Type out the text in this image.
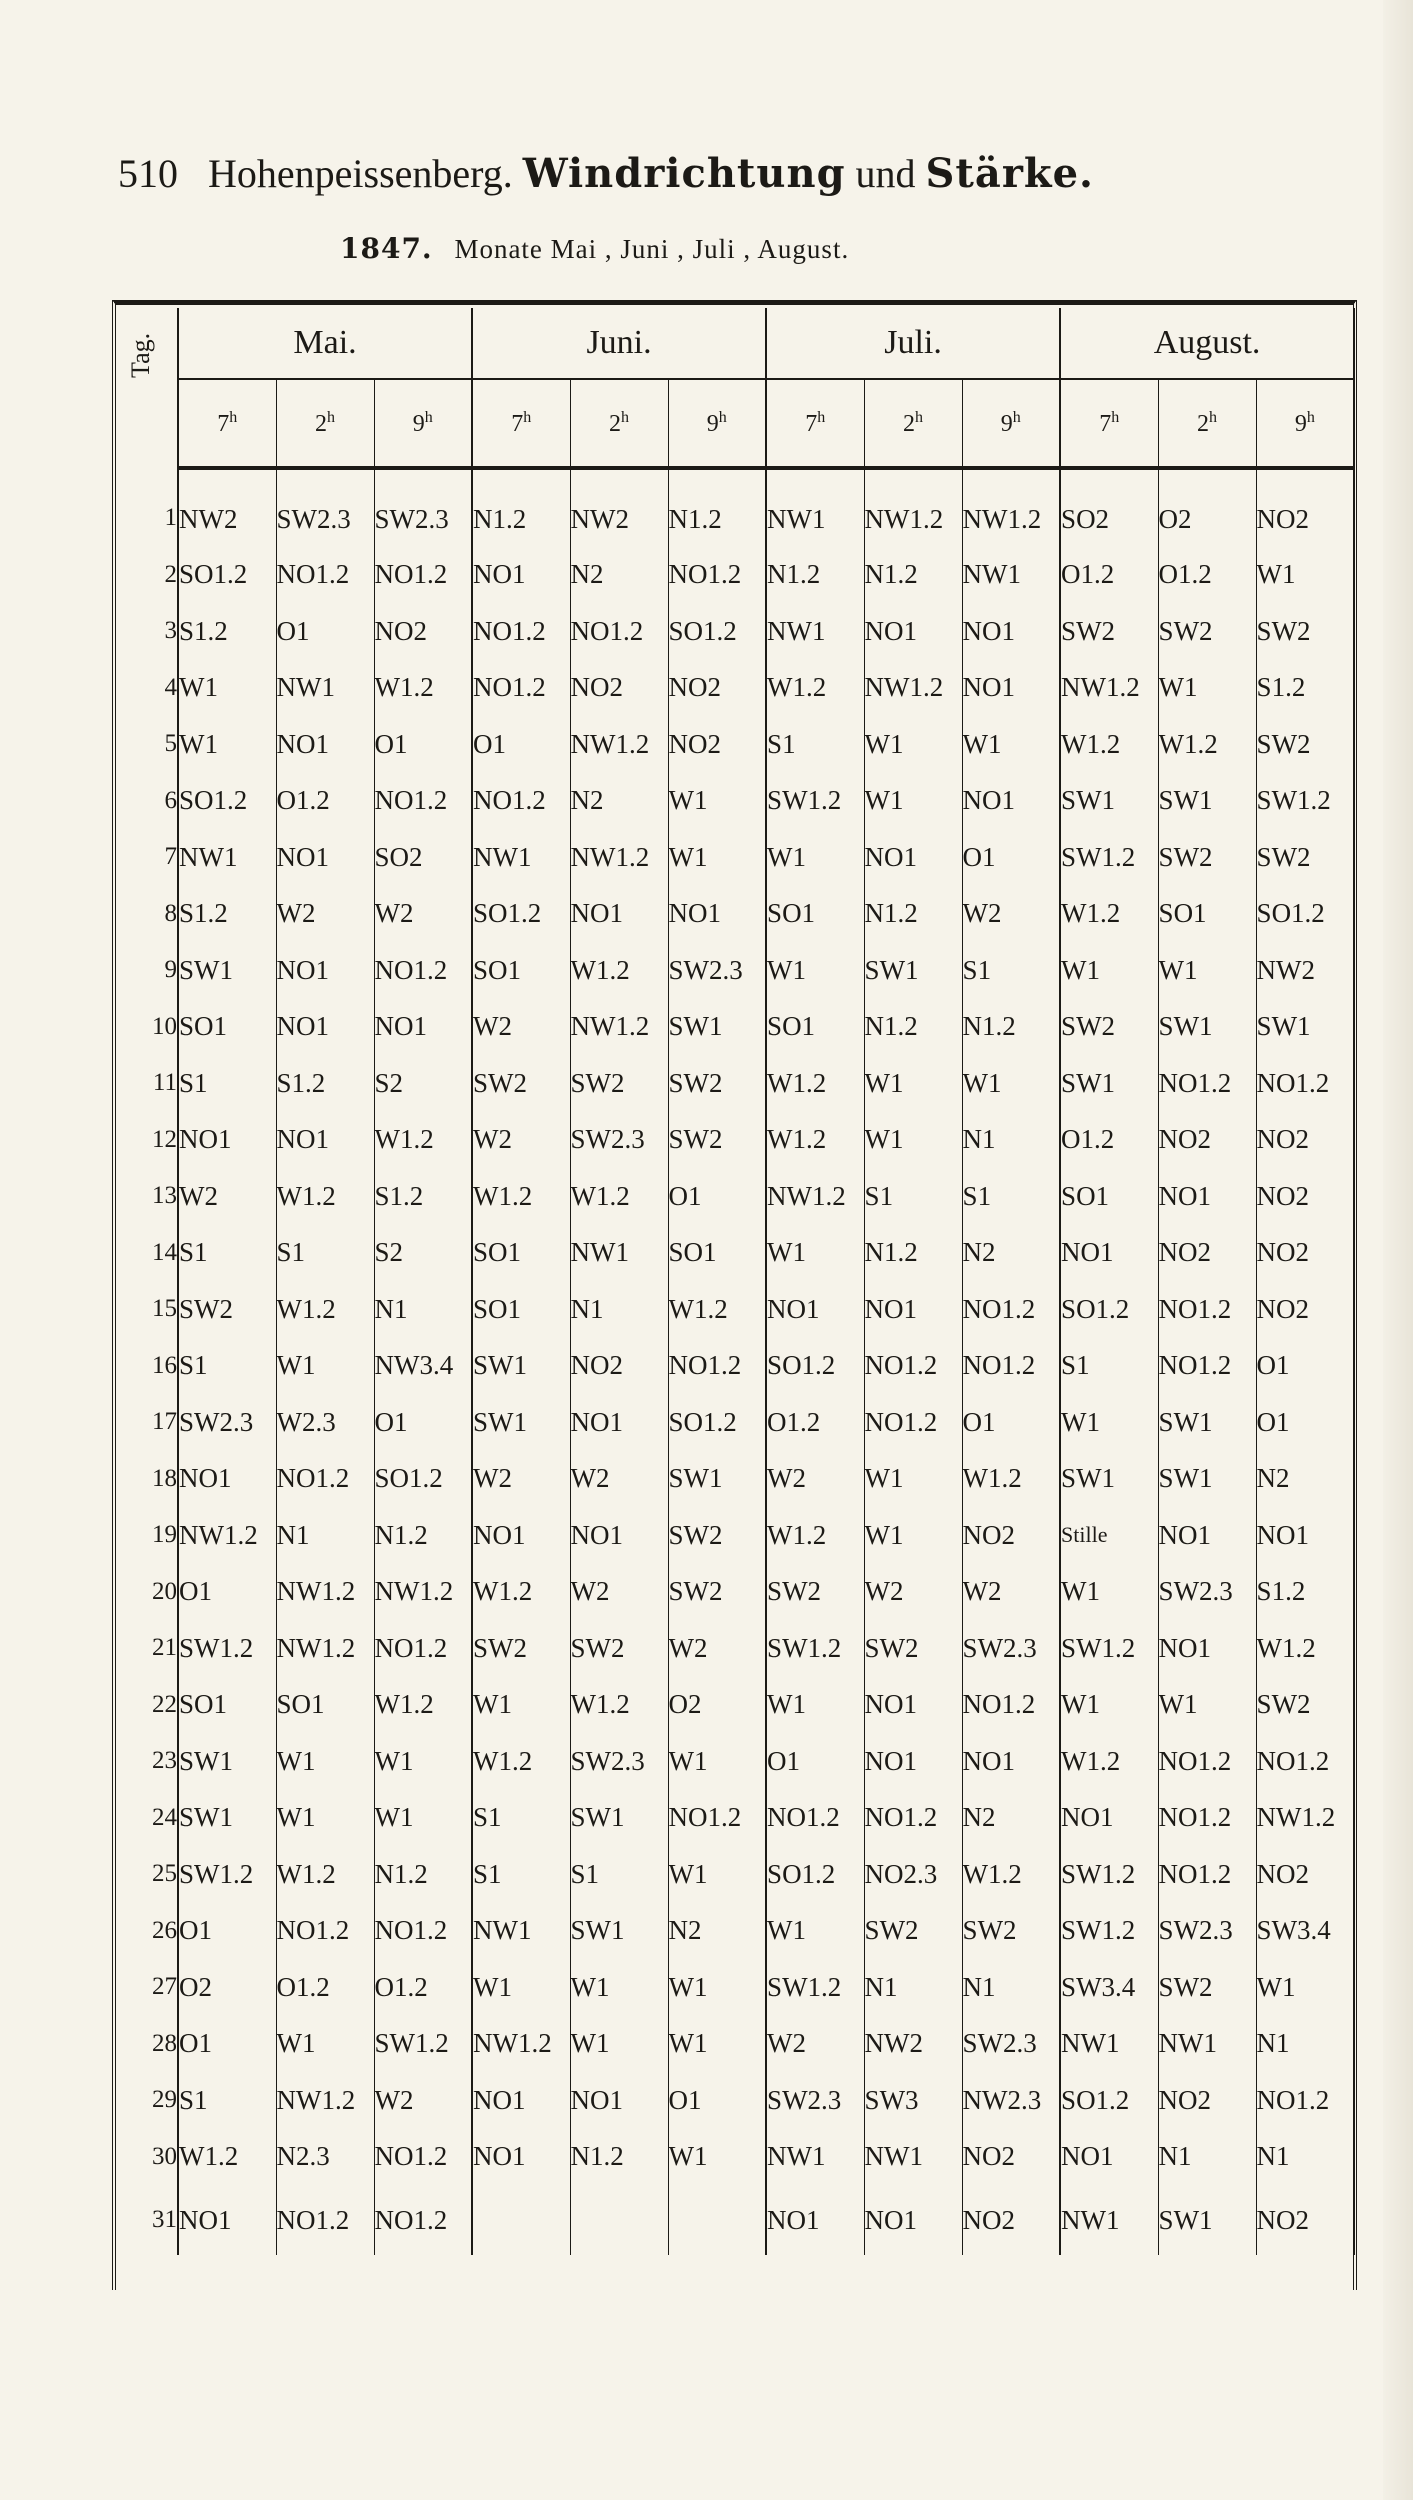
510 Hohenpeissenberg. Windrichtung und Stärke.
1847. Monate Mai , Juni , Juli , August.
Tag.	Mai.			Juni.			Juli.			August.		
	7$^h$	2$^h$	9$^h$	7$^h$	2$^h$	9$^h$	7$^h$	2$^h$	9$^h$	7$^h$	2$^h$	9$^h$
1	NW2	SW2.3	SW2.3	N1.2	NW2	N1.2	NW1	NW1.2	NW1.2	SO2	O2	NO2
2	SO1.2	NO1.2	NO1.2	NO1	N2	NO1.2	N1.2	N1.2	NW1	O1.2	O1.2	W1
3	S1.2	O1	NO2	NO1.2	NO1.2	SO1.2	NW1	NO1	NO1	SW2	SW2	SW2
4	W1	NW1	W1.2	NO1.2	NO2	NO2	W1.2	NW1.2	NO1	NW1.2	W1	S1.2
5	W1	NO1	O1	O1	NW1.2	NO2	S1	W1	W1	W1.2	W1.2	SW2
6	SO1.2	O1.2	NO1.2	NO1.2	N2	W1	SW1.2	W1	NO1	SW1	SW1	SW1.2
7	NW1	NO1	SO2	NW1	NW1.2	W1	W1	NO1	O1	SW1.2	SW2	SW2
8	S1.2	W2	W2	SO1.2	NO1	NO1	SO1	N1.2	W2	W1.2	SO1	SO1.2
9	SW1	NO1	NO1.2	SO1	W1.2	SW2.3	W1	SW1	S1	W1	W1	NW2
10	SO1	NO1	NO1	W2	NW1.2	SW1	SO1	N1.2	N1.2	SW2	SW1	SW1
11	S1	S1.2	S2	SW2	SW2	SW2	W1.2	W1	W1	SW1	NO1.2	NO1.2
12	NO1	NO1	W1.2	W2	SW2.3	SW2	W1.2	W1	N1	O1.2	NO2	NO2
13	W2	W1.2	S1.2	W1.2	W1.2	O1	NW1.2	S1	S1	SO1	NO1	NO2
14	S1	S1	S2	SO1	NW1	SO1	W1	N1.2	N2	NO1	NO2	NO2
15	SW2	W1.2	N1	SO1	N1	W1.2	NO1	NO1	NO1.2	SO1.2	NO1.2	NO2
16	S1	W1	NW3.4	SW1	NO2	NO1.2	SO1.2	NO1.2	NO1.2	S1	NO1.2	O1
17	SW2.3	W2.3	O1	SW1	NO1	SO1.2	O1.2	NO1.2	O1	W1	SW1	O1
18	NO1	NO1.2	SO1.2	W2	W2	SW1	W2	W1	W1.2	SW1	SW1	N2
19	NW1.2	N1	N1.2	NO1	NO1	SW2	W1.2	W1	NO2	Stille	NO1	NO1
20	O1	NW1.2	NW1.2	W1.2	W2	SW2	SW2	W2	W2	W1	SW2.3	S1.2
21	SW1.2	NW1.2	NO1.2	SW2	SW2	W2	SW1.2	SW2	SW2.3	SW1.2	NO1	W1.2
22	SO1	SO1	W1.2	W1	W1.2	O2	W1	NO1	NO1.2	W1	W1	SW2
23	SW1	W1	W1	W1.2	SW2.3	W1	O1	NO1	NO1	W1.2	NO1.2	NO1.2
24	SW1	W1	W1	S1	SW1	NO1.2	NO1.2	NO1.2	N2	NO1	NO1.2	NW1.2
25	SW1.2	W1.2	N1.2	S1	S1	W1	SO1.2	NO2.3	W1.2	SW1.2	NO1.2	NO2
26	O1	NO1.2	NO1.2	NW1	SW1	N2	W1	SW2	SW2	SW1.2	SW2.3	SW3.4
27	O2	O1.2	O1.2	W1	W1	W1	SW1.2	N1	N1	SW3.4	SW2	W1
28	O1	W1	SW1.2	NW1.2	W1	W1	W2	NW2	SW2.3	NW1	NW1	N1
29	S1	NW1.2	W2	NO1	NO1	O1	SW2.3	SW3	NW2.3	SO1.2	NO2	NO1.2
30	W1.2	N2.3	NO1.2	NO1	N1.2	W1	NW1	NW1	NO2	NO1	N1	N1
31	NO1	NO1.2	NO1.2				NO1	NO1	NO2	NW1	SW1	NO2
